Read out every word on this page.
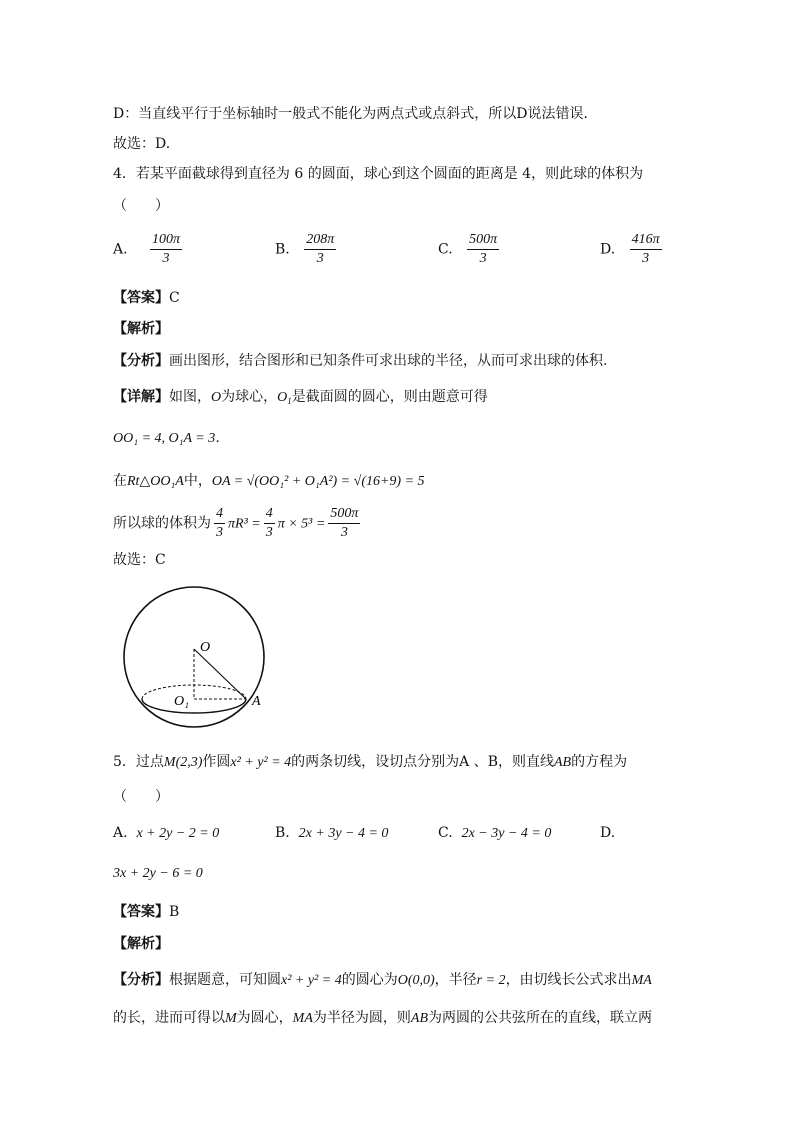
D：当直线平行于坐标轴时一般式不能化为两点式或点斜式，所以D说法错误．
故选：D.
4．若某平面截球得到直径为 6 的圆面，球心到这个圆面的距离是 4，则此球的体积为
（　　）
A. $\frac{100\pi}{3}$	B. $\frac{208\pi}{3}$	C. $\frac{500\pi}{3}$	D. $\frac{416\pi}{3}$
【答案】C
【解析】
【分析】画出图形，结合图形和已知条件可求出球的半径，从而可求出球的体积.
【详解】如图，O为球心，$O_1$是截面圆的圆心，则由题意可得
OO₁ = 4, O₁A = 3．
在Rt△OO₁A中，OA = √(OO₁² + O₁A²) = √(16+9) = 5
所以球的体积为 $\frac{4}{3} \pi R^3 = \frac{4}{3}$ $\pi \times 5^3 = \frac{500\pi}{3}$
故选：C
O
O₁	A
5．过点M(2,3)作圆x² + y² = 4的两条切线，设切点分别为A 、B，则直线AB的方程为
（　　）
A. x + 2y − 2 = 0	B. 2x + 3y − 4 = 0	C. 2x − 3y − 4 = 0	D.
3x + 2y − 6 = 0
【答案】B
【解析】
【分析】根据题意，可知圆x² + y² = 4的圆心为O(0,0)，半径r = 2，由切线长公式求出MA
的长，进而可得以M为圆心，MA为半径为圆，则AB为两圆的公共弦所在的直线，联立两
